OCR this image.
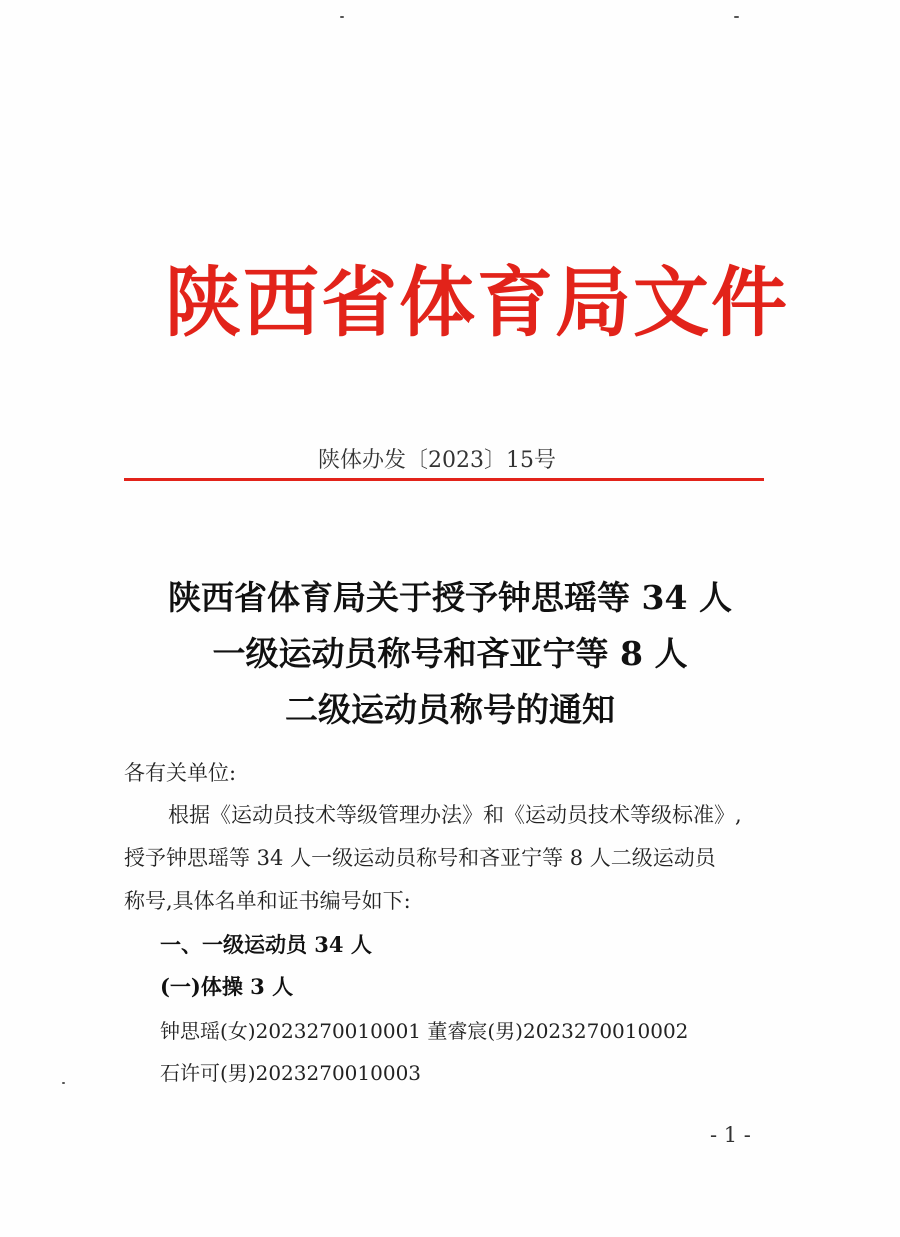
陕西省体育局文件
陕体办发〔2023〕15号
陕西省体育局关于授予钟思瑶等 34 人
一级运动员称号和吝亚宁等 8 人
二级运动员称号的通知
各有关单位:
根据《运动员技术等级管理办法》和《运动员技术等级标准》,
授予钟思瑶等 34 人一级运动员称号和吝亚宁等 8 人二级运动员
称号,具体名单和证书编号如下:
一、一级运动员 34 人
(一)体操 3 人
钟思瑶(女)2023270010001 董睿宸(男)2023270010002
石许可(男)2023270010003
- 1 -
